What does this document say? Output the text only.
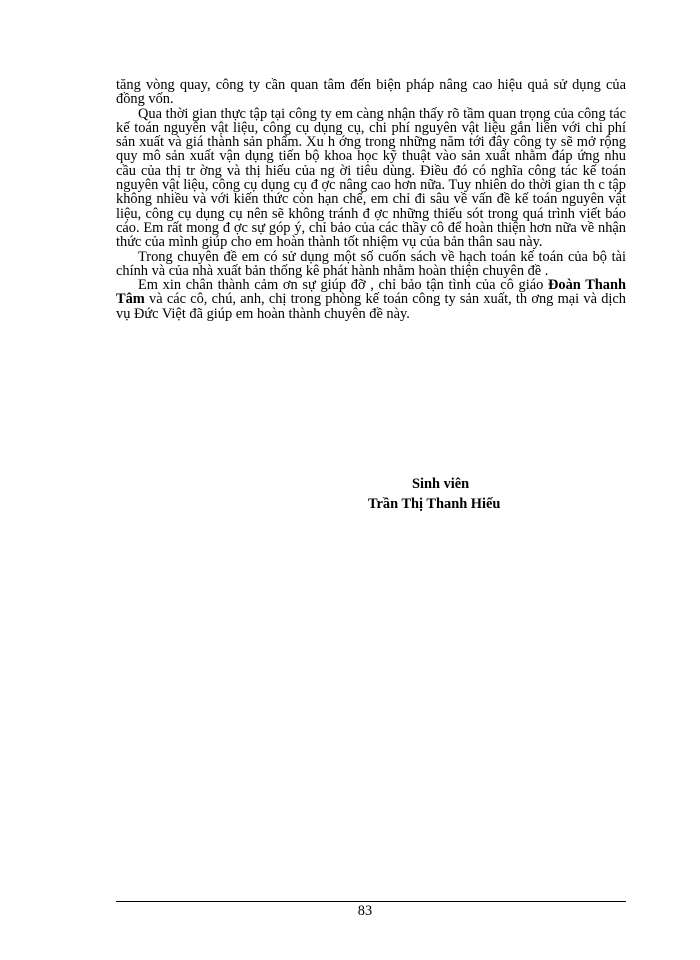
tăng vòng quay, công ty cần quan tâm đến biện pháp nâng cao hiệu quả sử dụng của đồng vốn.

Qua thời gian thực tập tại công ty em càng nhận thấy rõ tầm quan trọng của công tác kế toán nguyên vật liệu, công cụ dụng cụ, chi phí nguyên vật liệu gắn liền với chi phí sản xuất và giá thành sản phẩm. Xu h ớng trong những năm tới đây công ty sẽ mở rộng quy mô sản xuất vận dụng tiến bộ khoa học kỹ thuật vào sản xuất nhằm đáp ứng nhu cầu của thị tr ờng và thị hiếu của ng ời tiêu dùng. Điều đó có nghĩa công tác kế toán nguyên vật liệu, công cụ dụng cụ đ ợc nâng cao hơn nữa. Tuy nhiên do thời gian th c tập không nhiều và với kiến thức còn hạn chế, em chỉ đi sâu về vấn đề kế toán nguyên vật liệu, công cụ dụng cụ nên sẽ không tránh đ ợc những thiếu sót trong quá trình viết báo cáo. Em rất mong đ ợc sự góp ý, chỉ bảo của các thầy cô để hoàn thiện hơn nữa về nhận thức của mình giúp cho em hoàn thành tốt nhiệm vụ của bản thân sau này.

Trong chuyên đề em có sử dụng một số cuốn sách về hạch toán kế toán của bộ tài chính và của nhà xuất bản thống kê phát hành nhằm hoàn thiện chuyên đề .

Em xin chân thành cảm ơn sự giúp đỡ , chỉ bảo tận tình của cô giáo Đoàn Thanh Tâm và các cô, chú, anh, chị trong phòng kế toán công ty sản xuất, th ơng mại và dịch vụ Đức Việt đã giúp em hoàn thành chuyên đề này.

Sinh viên
Trần Thị Thanh Hiếu
83
